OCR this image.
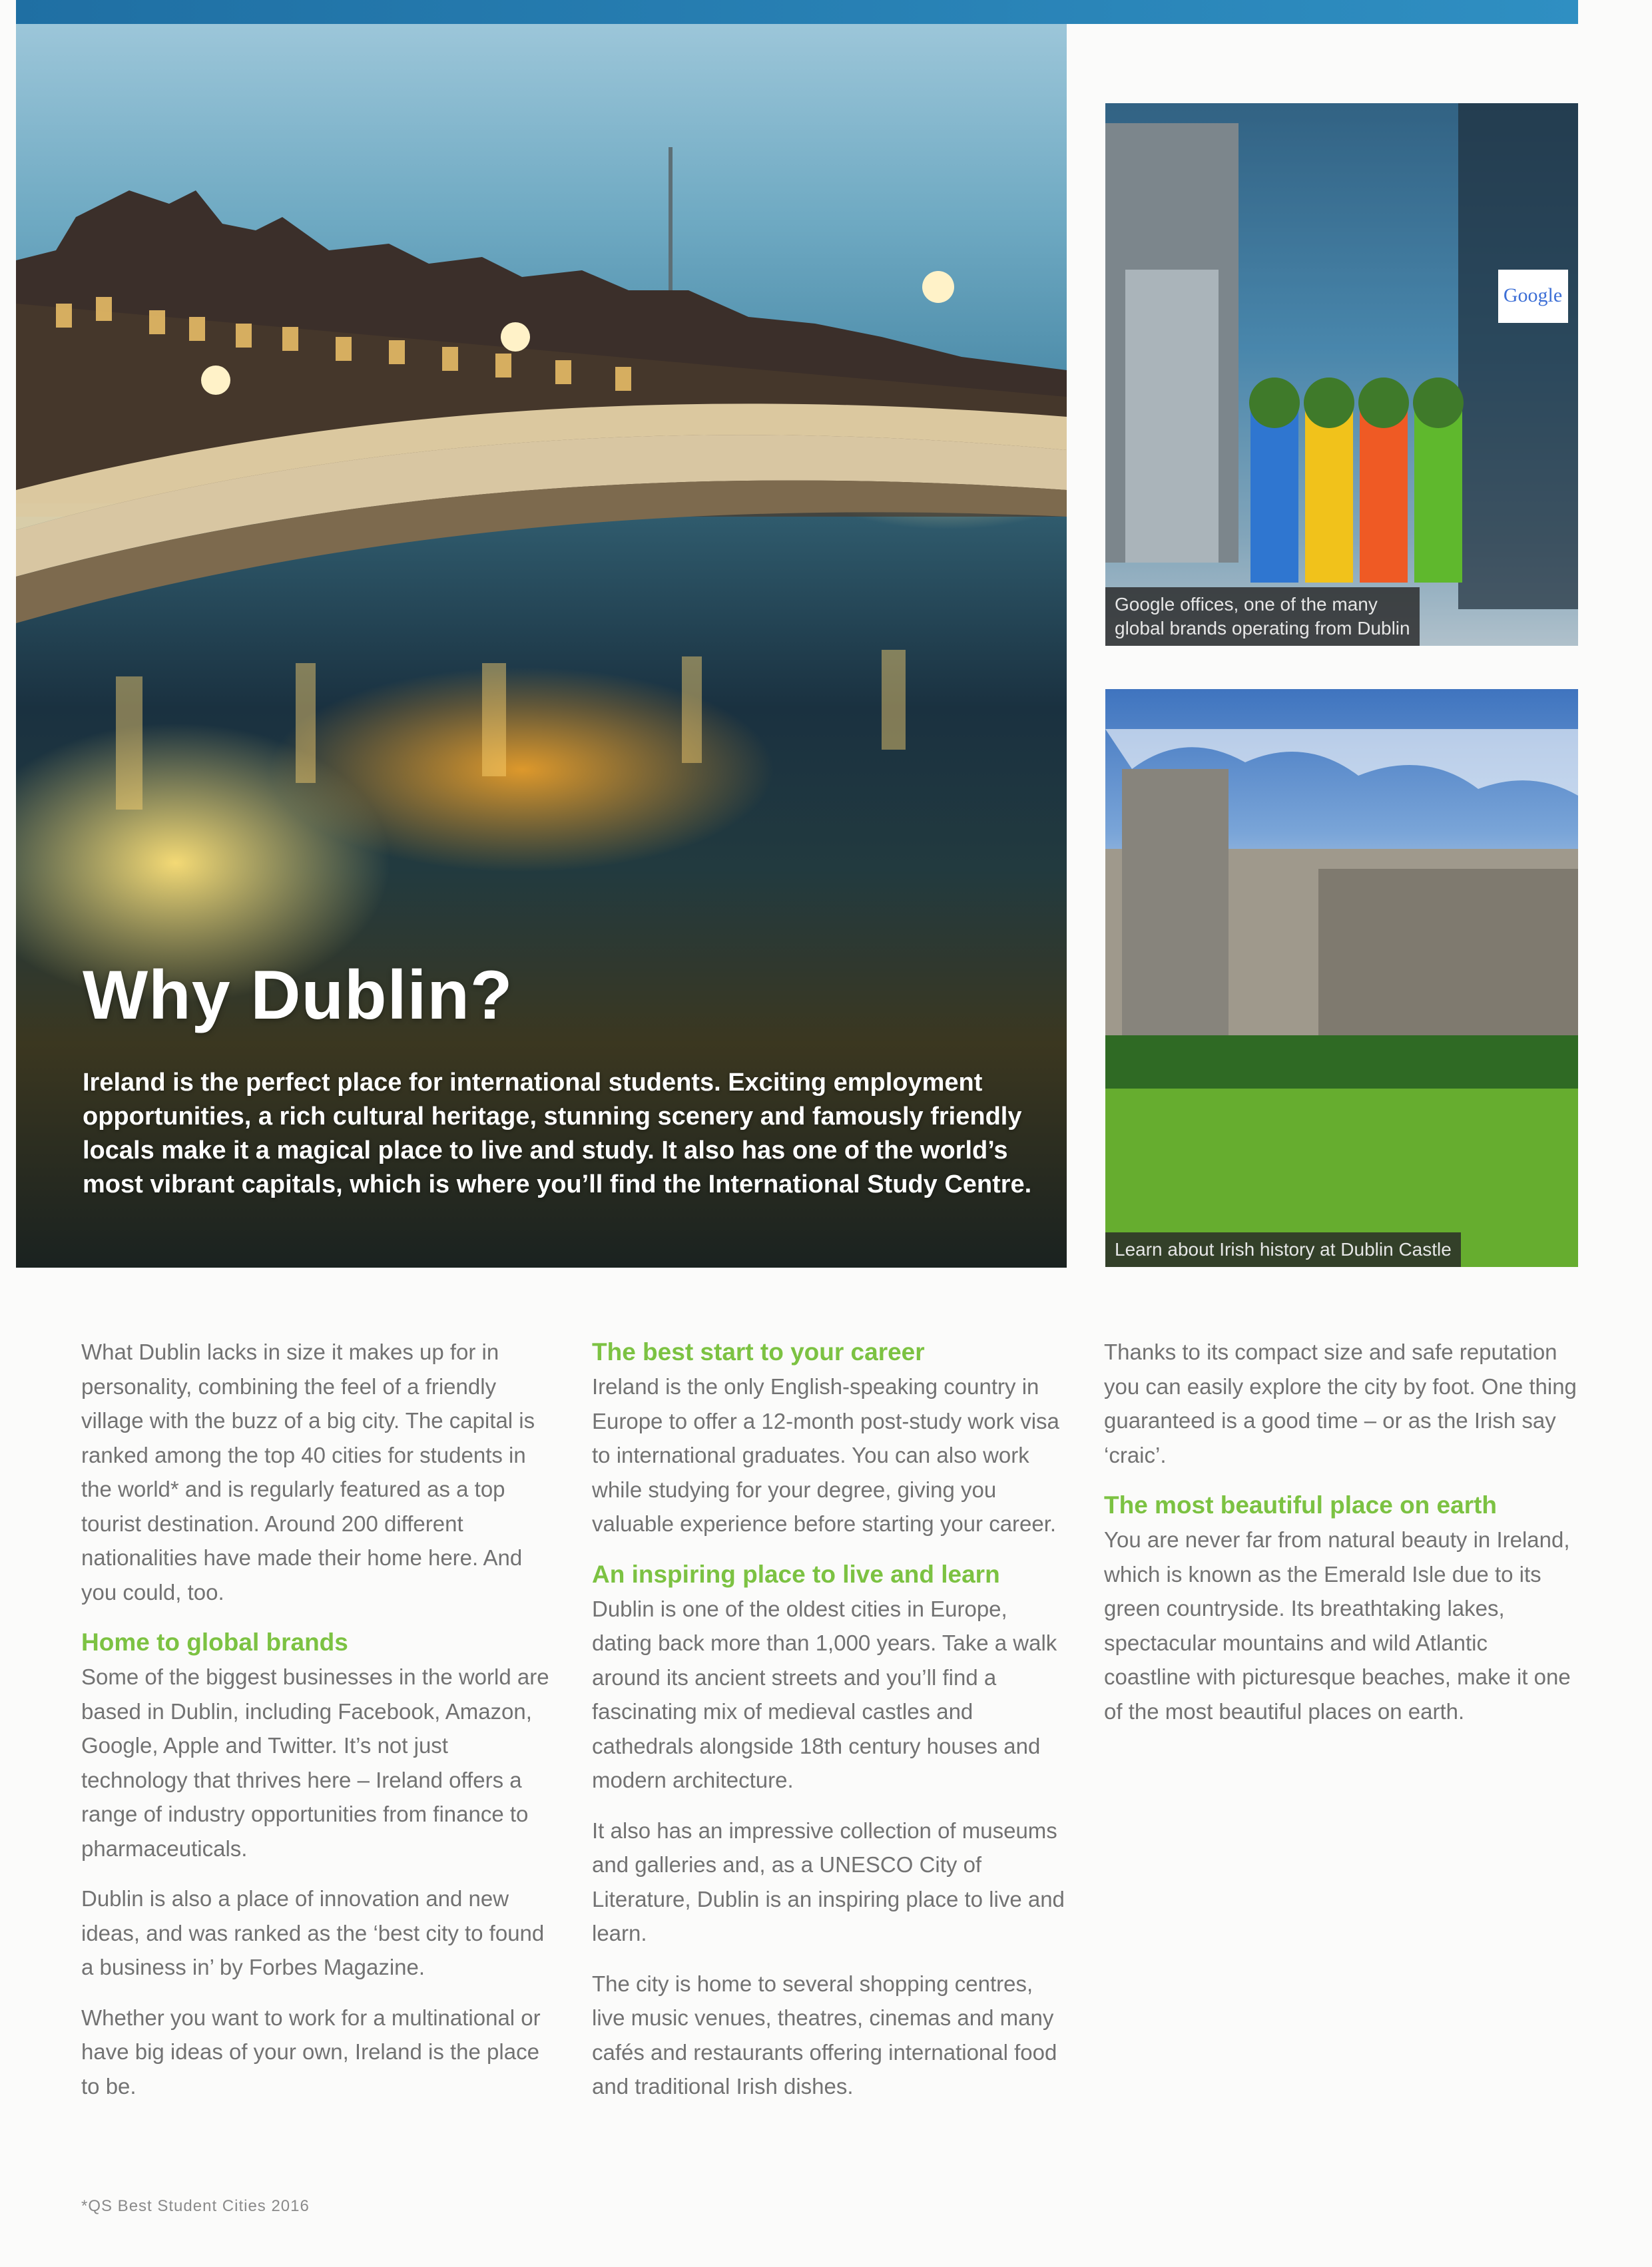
Why Dublin?

Ireland is the perfect place for international students. Exciting employment opportunities, a rich cultural heritage, stunning scenery and famously friendly locals make it a magical place to live and study. It also has one of the world’s most vibrant capitals, which is where you’ll find the International Study Centre.

Google
Google offices, one of the many
global brands operating from Dublin
Learn about Irish history at Dublin Castle

What Dublin lacks in size it makes up for in personality, combining the feel of a friendly village with the buzz of a big city. The capital is ranked among the top 40 cities for students in the world* and is regularly featured as a top tourist destination. Around 200 different nationalities have made their home here. And you could, too.

Home to global brands

Some of the biggest businesses in the world are based in Dublin, including Facebook, Amazon, Google, Apple and Twitter. It’s not just technology that thrives here – Ireland offers a range of industry opportunities from finance to pharmaceuticals.

Dublin is also a place of innovation and new ideas, and was ranked as the ‘best city to found a business in’ by Forbes Magazine.

Whether you want to work for a multinational or have big ideas of your own, Ireland is the place to be.

The best start to your career

Ireland is the only English-speaking country in Europe to offer a 12-month post-study work visa to international graduates. You can also work while studying for your degree, giving you valuable experience before starting your career.

An inspiring place to live and learn

Dublin is one of the oldest cities in Europe, dating back more than 1,000 years. Take a walk around its ancient streets and you’ll find a fascinating mix of medieval castles and cathedrals alongside 18th century houses and modern architecture.

It also has an impressive collection of museums and galleries and, as a UNESCO City of Literature, Dublin is an inspiring place to live and learn.

The city is home to several shopping centres, live music venues, theatres, cinemas and many cafés and restaurants offering international food and traditional Irish dishes.

Thanks to its compact size and safe reputation you can easily explore the city by foot. One thing guaranteed is a good time – or as the Irish say ‘craic’.

The most beautiful place on earth

You are never far from natural beauty in Ireland, which is known as the Emerald Isle due to its green countryside. Its breathtaking lakes, spectacular mountains and wild Atlantic coastline with picturesque beaches, make it one of the most beautiful places on earth.

*QS Best Student Cities 2016
